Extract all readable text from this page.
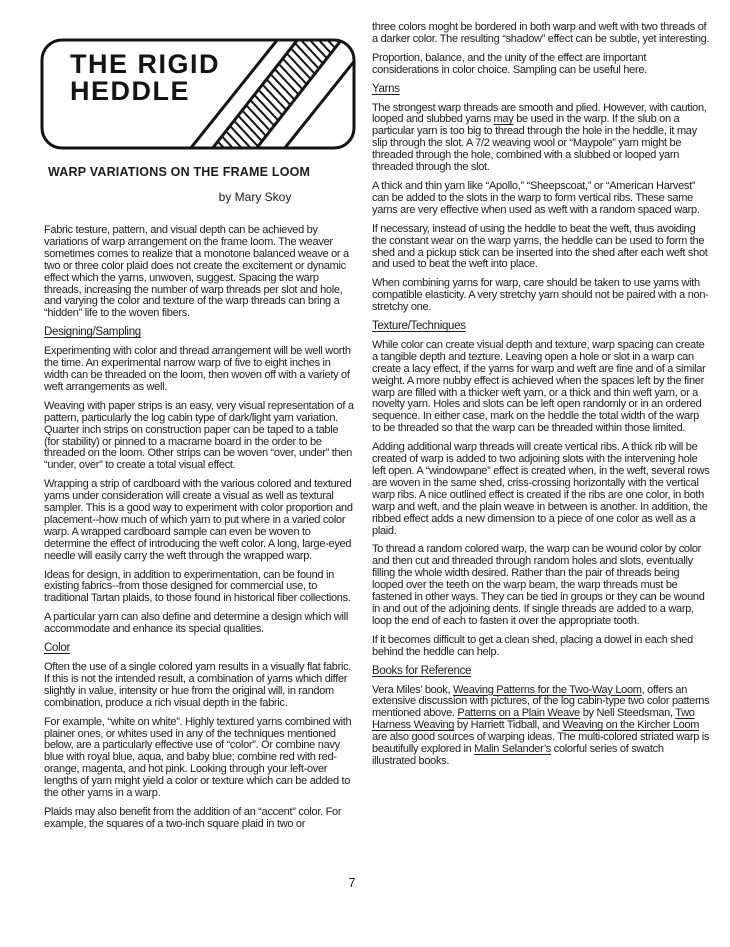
THE RIGID
HEDDLE
WARP VARIATIONS ON THE FRAME LOOM
by Mary Skoy

Fabric testure, pattern, and visual depth can be achieved by variations of warp arrangement on the frame loom. The weaver sometimes comes to realize that a monotone balanced weave or a two or three color plaid does not create the excitement or dynamic effect which the yarns, unwoven, suggest. Spacing the warp threads, increasing the number of warp threads per slot and hole, and varying the color and texture of the warp threads can bring a “hidden” life to the woven fibers.

Designing/Sampling

Experimenting with color and thread arrangement will be well worth the time. An experimental narrow warp of five to eight inches in width can be threaded on the loom, then woven off with a variety of weft arrangements as well.

Weaving with paper strips is an easy, very visual representation of a pattern, particularly the log cabin type of dark/light yarn variation. Quarter inch strips on construction paper can be taped to a table (for stability) or pinned to a macrame board in the order to be threaded on the loom. Other strips can be woven “over, under” then “under, over” to create a total visual effect.

Wrapping a strip of cardboard with the various colored and textured yarns under consideration will create a visual as well as textural sampler. This is a good way to experiment with color proportion and placement--how much of which yarn to put where in a varied color warp. A wrapped cardboard sample can even be woven to determine the effect of introducing the weft color. A long, large-eyed needle will easily carry the weft through the wrapped warp.

Ideas for design, in addition to experimentation, can be found in existing fabrics--from those designed for commercial use, to traditional Tartan plaids, to those found in historical fiber collections.

A particular yarn can also define and determine a design which will accommodate and enhance its special qualities.

Color

Often the use of a single colored yarn results in a visually flat fabric. If this is not the intended result, a combination of yarns which differ slightly in value, intensity or hue from the original will, in random combination, produce a rich visual depth in the fabric.

For example, “white on white”. Highly textured yarns combined with plainer ones, or whites used in any of the techniques mentioned below, are a particularly effective use of “color”. Or combine navy blue with royal blue, aqua, and baby blue; combine red with red-orange, magenta, and hot pink. Looking through your left-over lengths of yarn might yield a color or texture which can be added to the other yarns in a warp.

Plaids may also benefit from the addition of an “accent” color. For example, the squares of a two-inch square plaid in two or

three colors moght be bordered in both warp and weft with two threads of a darker color. The resulting “shadow” effect can be subtle, yet interesting.

Proportion, balance, and the unity of the effect are important considerations in color choice. Sampling can be useful here.

Yarns

The strongest warp threads are smooth and plied. However, with caution, looped and slubbed yarns may be used in the warp. If the slub on a particular yarn is too big to thread through the hole in the heddle, it may slip through the slot. A 7/2 weaving wool or “Maypole” yarn might be threaded through the hole, combined with a slubbed or looped yarn threaded through the slot.

A thick and thin yarn like “Apollo,” “Sheepscoat,” or “American Harvest” can be added to the slots in the warp to form vertical ribs. These same yarns are very effective when used as weft with a random spaced warp.

If necessary, instead of using the heddle to beat the weft, thus avoiding the constant wear on the warp yarns, the heddle can be used to form the shed and a pickup stick can be inserted into the shed after each weft shot and used to beat the weft into place.

When combining yarns for warp, care should be taken to use yarns with compatible elasticity. A very stretchy yarn should not be paired with a non-stretchy one.

Texture/Techniques

While color can create visual depth and texture, warp spacing can create a tangible depth and tezture. Leaving open a hole or slot in a warp can create a lacy effect, if the yarns for warp and weft are fine and of a similar weight. A more nubby effect is achieved when the spaces left by the finer warp are filled with a thicker weft yarn, or a thick and thin weft yarn, or a novelty yarn. Holes and slots can be left open randomly or in an ordered sequence. In either case, mark on the heddle the total width of the warp to be threaded so that the warp can be threaded within those limited.

Adding additional warp threads will create vertical ribs. A thick rib will be created of warp is added to two adjoining slots with the intervening hole left open. A “windowpane” effect is created when, in the weft, several rows are woven in the same shed, criss-crossing horizontally with the vertical warp ribs. A nice outlined effect is created if the ribs are one color, in both warp and weft, and the plain weave in between is another. In addition, the ribbed effect adds a new dimension to a piece of one color as well as a plaid.

To thread a random colored warp, the warp can be wound color by color and then cut and threaded through random holes and slots, eventually filling the whole width desired. Rather than the pair of threads being looped over the teeth on the warp beam, the warp threads must be fastened in other ways. They can be tied in groups or they can be wound in and out of the adjoining dents. If single threads are added to a warp, loop the end of each to fasten it over the appropriate tooth.

If it becomes difficult to get a clean shed, placing a dowel in each shed behind the heddle can help.

Books for Reference

Vera Miles’ book, Weaving Patterns for the Two-Way Loom, offers an extensive discussion with pictures, of the log cabin-type two color patterns mentioned above. Patterns on a Plain Weave by Nell Steedsman, Two Harness Weaving by Harriett Tidball, and Weaving on the Kircher Loom are also good sources of warping ideas. The multi-colored striated warp is beautifully explored in Malin Selander’s colorful series of swatch illustrated books.

7
